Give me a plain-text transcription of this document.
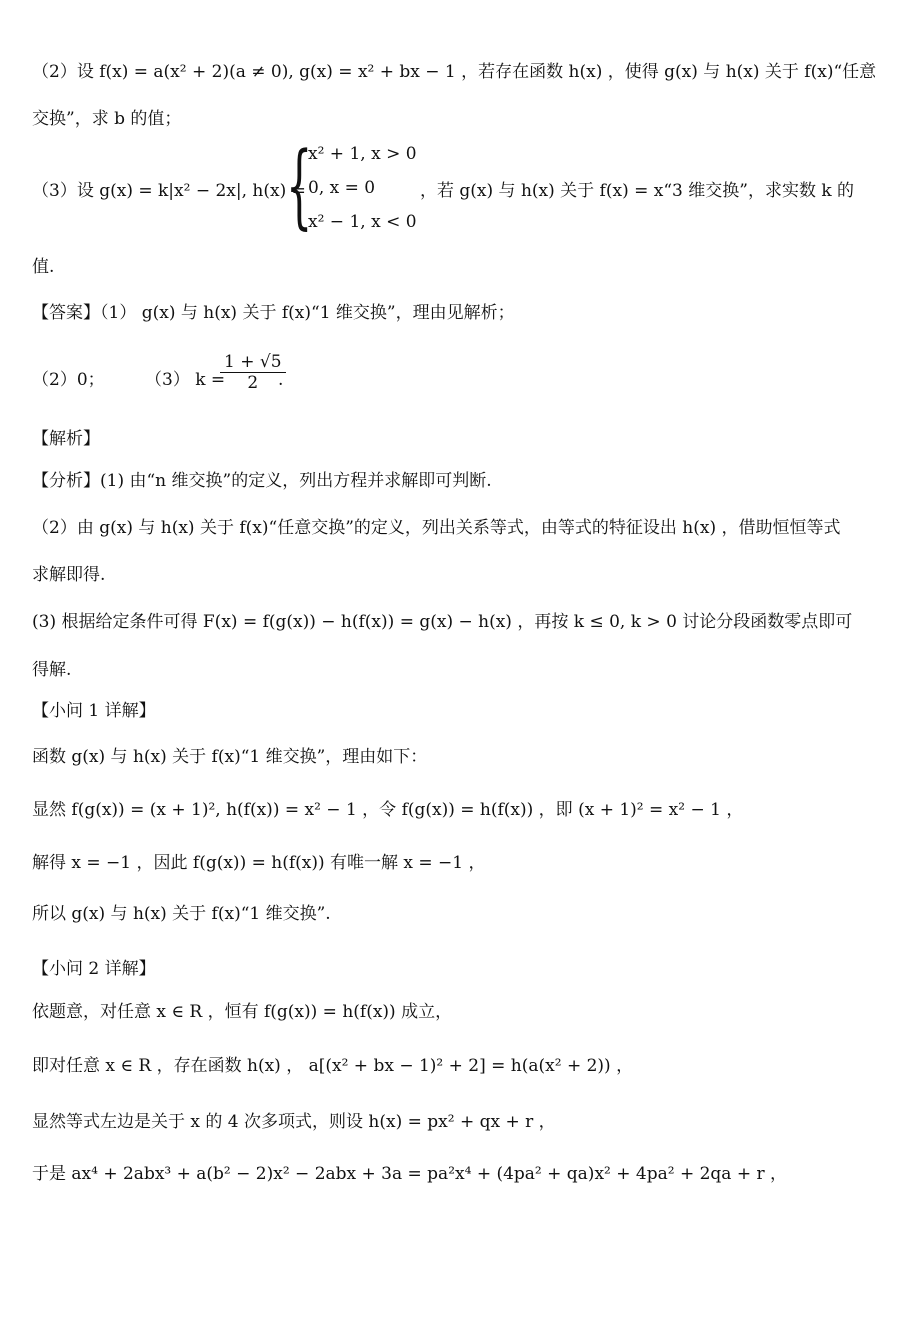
（2）设 f(x) = a(x² + 2)(a ≠ 0), g(x) = x² + bx − 1 ，若存在函数 h(x) ，使得 g(x) 与 h(x) 关于 f(x)“任意
交换”，求 b 的值；
（3）设 g(x) = k|x² − 2x|, h(x) =
{
x² + 1, x > 0
0, x = 0
x² − 1, x < 0
，若 g(x) 与 h(x) 关于 f(x) = x“3 维交换”，求实数 k 的
值.
【答案】（1） g(x) 与 h(x) 关于 f(x)“1 维交换”，理由见解析；
（2）0； （3） k =
$\frac{1 + √5}{2}$
.
【解析】
【分析】(1) 由“n 维交换”的定义，列出方程并求解即可判断.
（2）由 g(x) 与 h(x) 关于 f(x)“任意交换”的定义，列出关系等式，由等式的特征设出 h(x) ，借助恒恒等式
求解即得.
(3) 根据给定条件可得 F(x) = f(g(x)) − h(f(x)) = g(x) − h(x) ，再按 k ≤ 0, k > 0 讨论分段函数零点即可
得解.
【小问 1 详解】
函数 g(x) 与 h(x) 关于 f(x)“1 维交换”，理由如下：
显然 f(g(x)) = (x + 1)², h(f(x)) = x² − 1 ，令 f(g(x)) = h(f(x)) ，即 (x + 1)² = x² − 1 ，
解得 x = −1 ，因此 f(g(x)) = h(f(x)) 有唯一解 x = −1 ，
所以 g(x) 与 h(x) 关于 f(x)“1 维交换”.
【小问 2 详解】
依题意，对任意 x ∈ R ，恒有 f(g(x)) = h(f(x)) 成立，
即对任意 x ∈ R ，存在函数 h(x) ， a[(x² + bx − 1)² + 2] = h(a(x² + 2)) ，
显然等式左边是关于 x 的 4 次多项式，则设 h(x) = px² + qx + r ，
于是 ax⁴ + 2abx³ + a(b² − 2)x² − 2abx + 3a = pa²x⁴ + (4pa² + qa)x² + 4pa² + 2qa + r ，
